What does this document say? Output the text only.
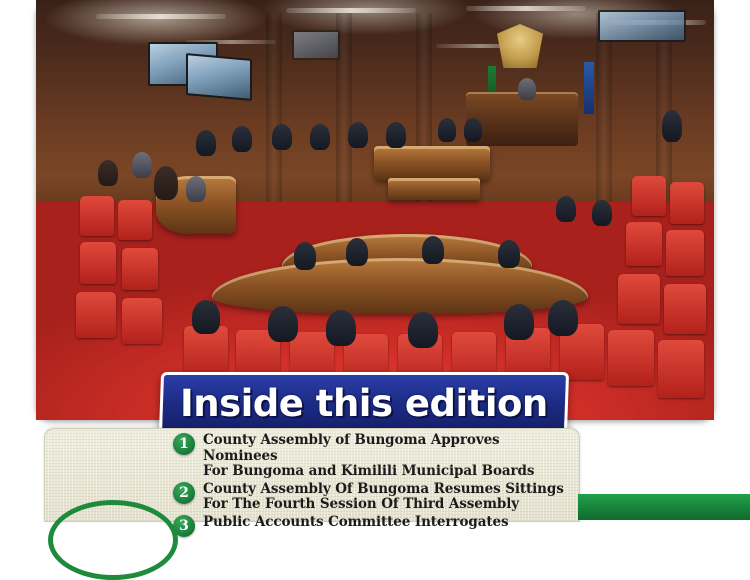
Inside this edition
1	County Assembly of Bungoma Approves Nominees
For Bungoma and Kimilili Municipal Boards
2	County Assembly Of Bungoma Resumes Sittings
For The Fourth Session Of Third Assembly
3	Public Accounts Committee Interrogates
